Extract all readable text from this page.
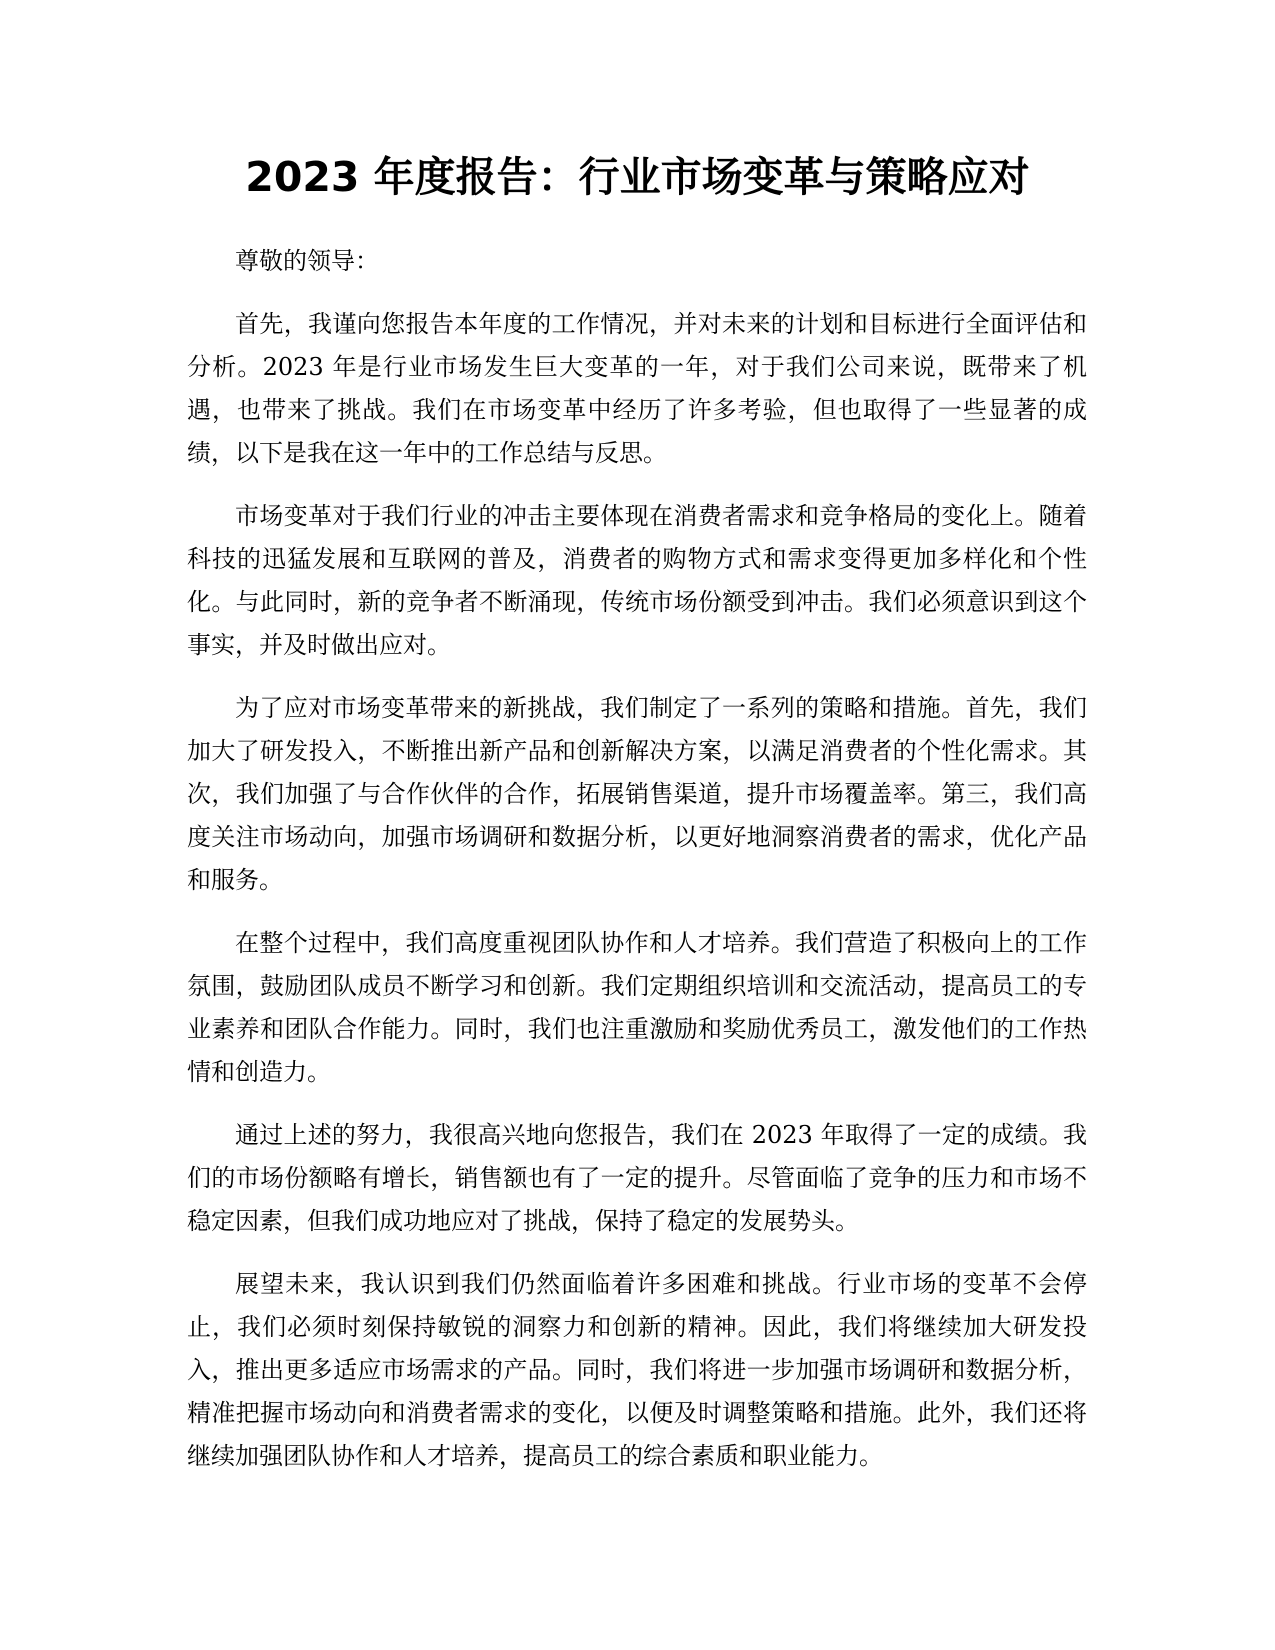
2023 年度报告：行业市场变革与策略应对

尊敬的领导：

首先，我谨向您报告本年度的工作情况，并对未来的计划和目标进行全面评估和分析。2023 年是行业市场发生巨大变革的一年，对于我们公司来说，既带来了机遇，也带来了挑战。我们在市场变革中经历了许多考验，但也取得了一些显著的成绩，以下是我在这一年中的工作总结与反思。

市场变革对于我们行业的冲击主要体现在消费者需求和竞争格局的变化上。随着科技的迅猛发展和互联网的普及，消费者的购物方式和需求变得更加多样化和个性化。与此同时，新的竞争者不断涌现，传统市场份额受到冲击。我们必须意识到这个事实，并及时做出应对。

为了应对市场变革带来的新挑战，我们制定了一系列的策略和措施。首先，我们加大了研发投入，不断推出新产品和创新解决方案，以满足消费者的个性化需求。其次，我们加强了与合作伙伴的合作，拓展销售渠道，提升市场覆盖率。第三，我们高度关注市场动向，加强市场调研和数据分析，以更好地洞察消费者的需求，优化产品和服务。

在整个过程中，我们高度重视团队协作和人才培养。我们营造了积极向上的工作氛围，鼓励团队成员不断学习和创新。我们定期组织培训和交流活动，提高员工的专业素养和团队合作能力。同时，我们也注重激励和奖励优秀员工，激发他们的工作热情和创造力。

通过上述的努力，我很高兴地向您报告，我们在 2023 年取得了一定的成绩。我们的市场份额略有增长，销售额也有了一定的提升。尽管面临了竞争的压力和市场不稳定因素，但我们成功地应对了挑战，保持了稳定的发展势头。

展望未来，我认识到我们仍然面临着许多困难和挑战。行业市场的变革不会停止，我们必须时刻保持敏锐的洞察力和创新的精神。因此，我们将继续加大研发投入，推出更多适应市场需求的产品。同时，我们将进一步加强市场调研和数据分析，精准把握市场动向和消费者需求的变化，以便及时调整策略和措施。此外，我们还将继续加强团队协作和人才培养，提高员工的综合素质和职业能力。
